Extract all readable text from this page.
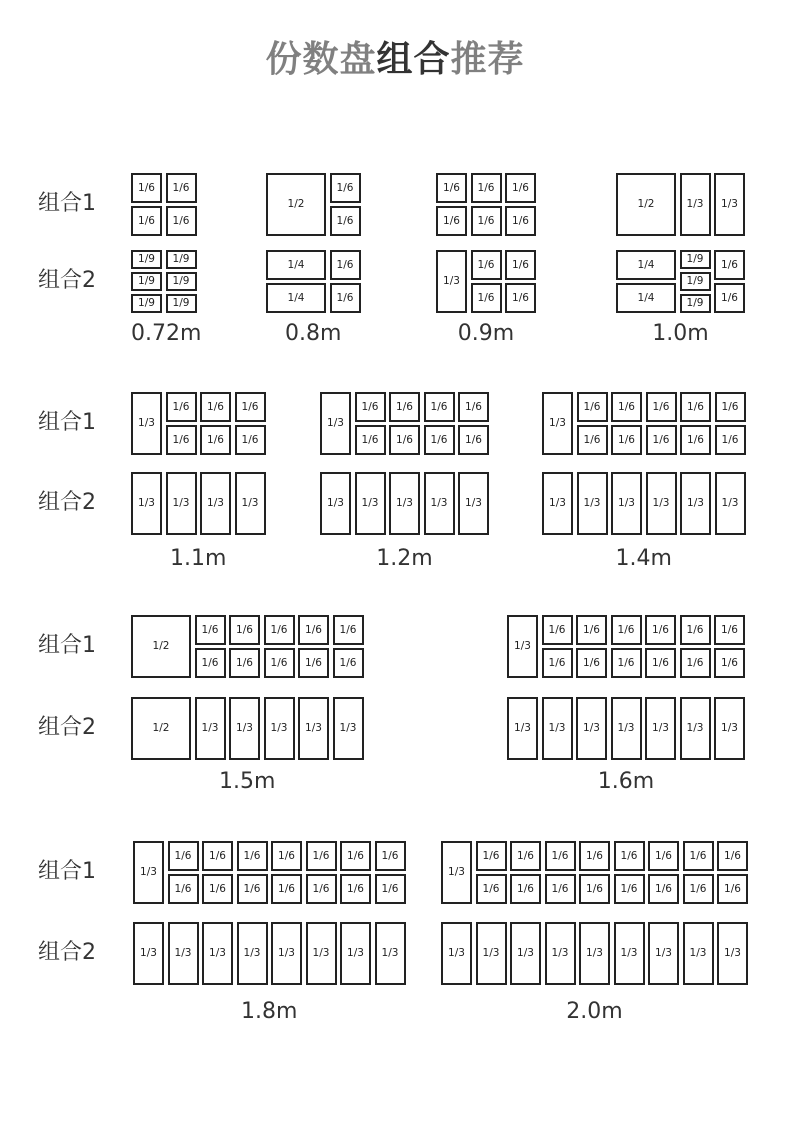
份数盘组合推荐
组合1
组合2
1/6
1/6
1/6
1/6
1/9
1/9
1/9
1/9
1/9
1/9
0.72m
1/2
1/6
1/6
1/4
1/4
1/6
1/6
0.8m
1/6
1/6
1/6
1/6
1/6
1/6
1/3
1/6
1/6
1/6
1/6
0.9m
1/2	1/3 1/3
1/4
1/4
1/9
1/9
1/9
1/6
1/6
1.0m
组合1
组合2
1/3
1/6
1/6
1/6
1/6
1/6
1/6
1/3 1/3 1/3 1/3
1.1m
1/3
1/6
1/6
1/6
1/6
1/6
1/6
1/6
1/6
1/3 1/3 1/3 1/3 1/3
1.2m
1/3
1/6
1/6
1/6
1/6
1/6
1/6
1/6
1/6
1/6
1/6
1/3 1/3 1/3 1/3 1/3 1/3
1.4m
组合1
组合2
1/2
1/6
1/6
1/6
1/6
1/6
1/6
1/6
1/6
1/6
1/6
1/2	1/3 1/3 1/3 1/3 1/3
1.5m
1/3
1/6
1/6
1/6
1/6
1/6
1/6
1/6
1/6
1/6
1/6
1/6
1/6
1/3 1/3 1/3 1/3 1/3 1/3 1/3
1.6m
组合1
组合2
1/3
1/6
1/6
1/6
1/6
1/6
1/6
1/6
1/6
1/6
1/6
1/6
1/6
1/6
1/6
1/3 1/3 1/3 1/3 1/3 1/3 1/3 1/3
1.8m
1/3
1/6
1/6
1/6
1/6
1/6
1/6
1/6
1/6
1/6
1/6
1/6
1/6
1/6
1/6
1/6
1/6
1/3 1/3 1/3 1/3 1/3 1/3 1/3 1/3 1/3
2.0m
